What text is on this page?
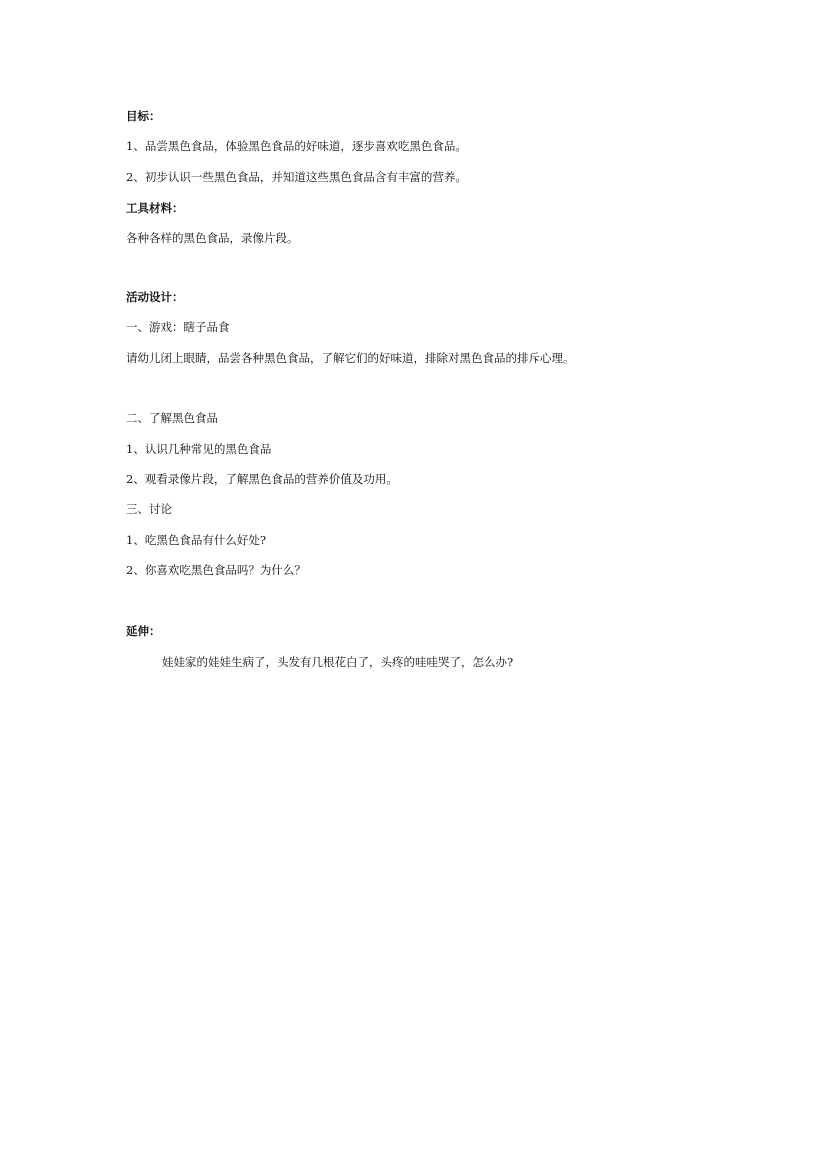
目标：
1、品尝黑色食品，体验黑色食品的好味道，逐步喜欢吃黑色食品。
2、初步认识一些黑色食品，并知道这些黑色食品含有丰富的营养。
工具材料：
各种各样的黑色食品，录像片段。
活动设计：
一、游戏：瞎子品食
请幼儿闭上眼睛，品尝各种黑色食品，了解它们的好味道，排除对黑色食品的排斥心理。
二、了解黑色食品
1、认识几种常见的黑色食品
2、观看录像片段，了解黑色食品的营养价值及功用。
三、讨论
1、吃黑色食品有什么好处?
2、你喜欢吃黑色食品吗？为什么？
延伸：
娃娃家的娃娃生病了，头发有几根花白了，头疼的哇哇哭了，怎么办?
